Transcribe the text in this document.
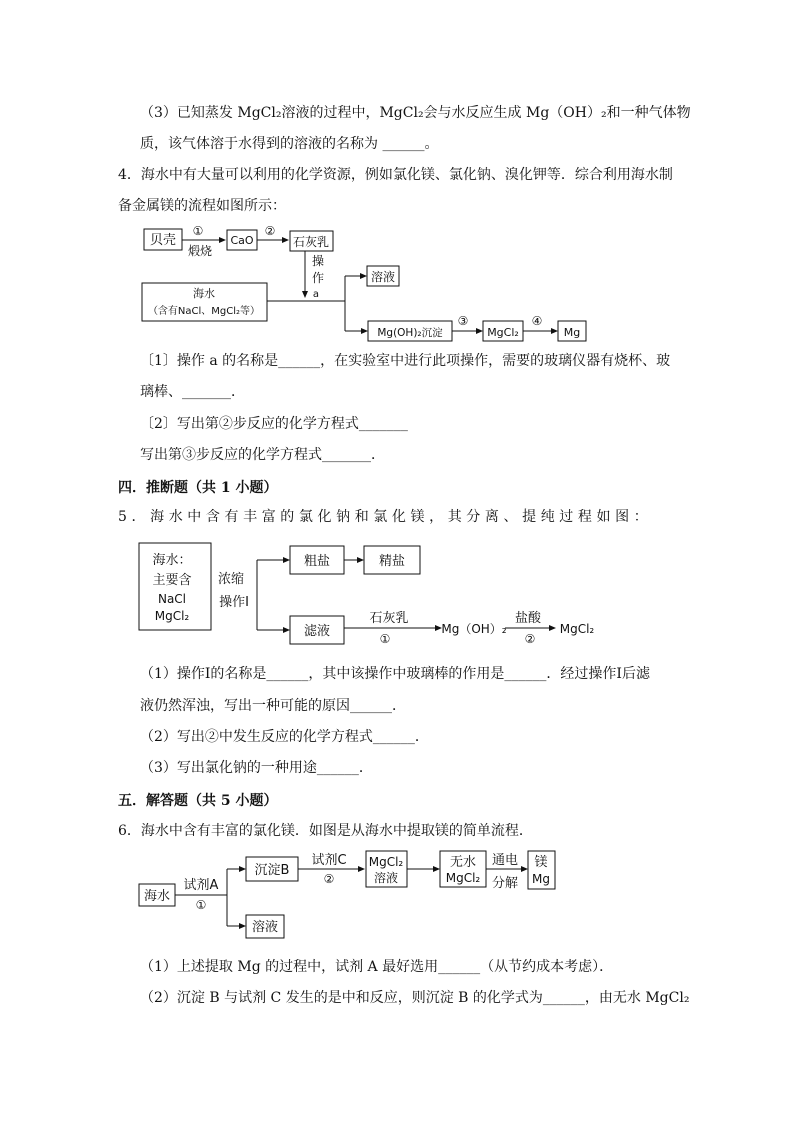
（3）已知蒸发 MgCl₂溶液的过程中，MgCl₂会与水反应生成 Mg（OH）₂和一种气体物
质，该气体溶于水得到的溶液的名称为 ______。
4．海水中有大量可以利用的化学资源，例如氯化镁、氯化钠、溴化钾等．综合利用海水制
备金属镁的流程如图所示：
贝壳
①
煅烧
CaO
②
石灰乳
操
作
a
海水
（含有NaCl、MgCl₂等）
溶液
Mg(OH)₂沉淀
③
MgCl₂
④
Mg
〔1〕操作 a 的名称是______，在实验室中进行此项操作，需要的玻璃仪器有烧杯、玻
璃棒、_______．
〔2〕写出第②步反应的化学方程式_______
写出第③步反应的化学方程式_______．
四．推断题（共 1 小题）
5．海水中含有丰富的氯化钠和氯化镁，其分离、提纯过程如图：
海水：
主要含
NaCl
MgCl₂
浓缩
操作Ⅰ
粗盐	精盐
滤液
石灰乳
①
Mg（OH）₂
盐酸
②
MgCl₂
（1）操作Ⅰ的名称是______，其中该操作中玻璃棒的作用是______．经过操作Ⅰ后滤
液仍然浑浊，写出一种可能的原因______．
（2）写出②中发生反应的化学方程式______．
（3）写出氯化钠的一种用途______．
五．解答题（共 5 小题）
6．海水中含有丰富的氯化镁．如图是从海水中提取镁的简单流程．
海水
试剂A
①
沉淀B
试剂C
②
MgCl₂
溶液
无水
MgCl₂
通电
分解
镁
Mg
溶液
（1）上述提取 Mg 的过程中，试剂 A 最好选用______（从节约成本考虑）．
（2）沉淀 B 与试剂 C 发生的是中和反应，则沉淀 B 的化学式为______，由无水 MgCl₂
